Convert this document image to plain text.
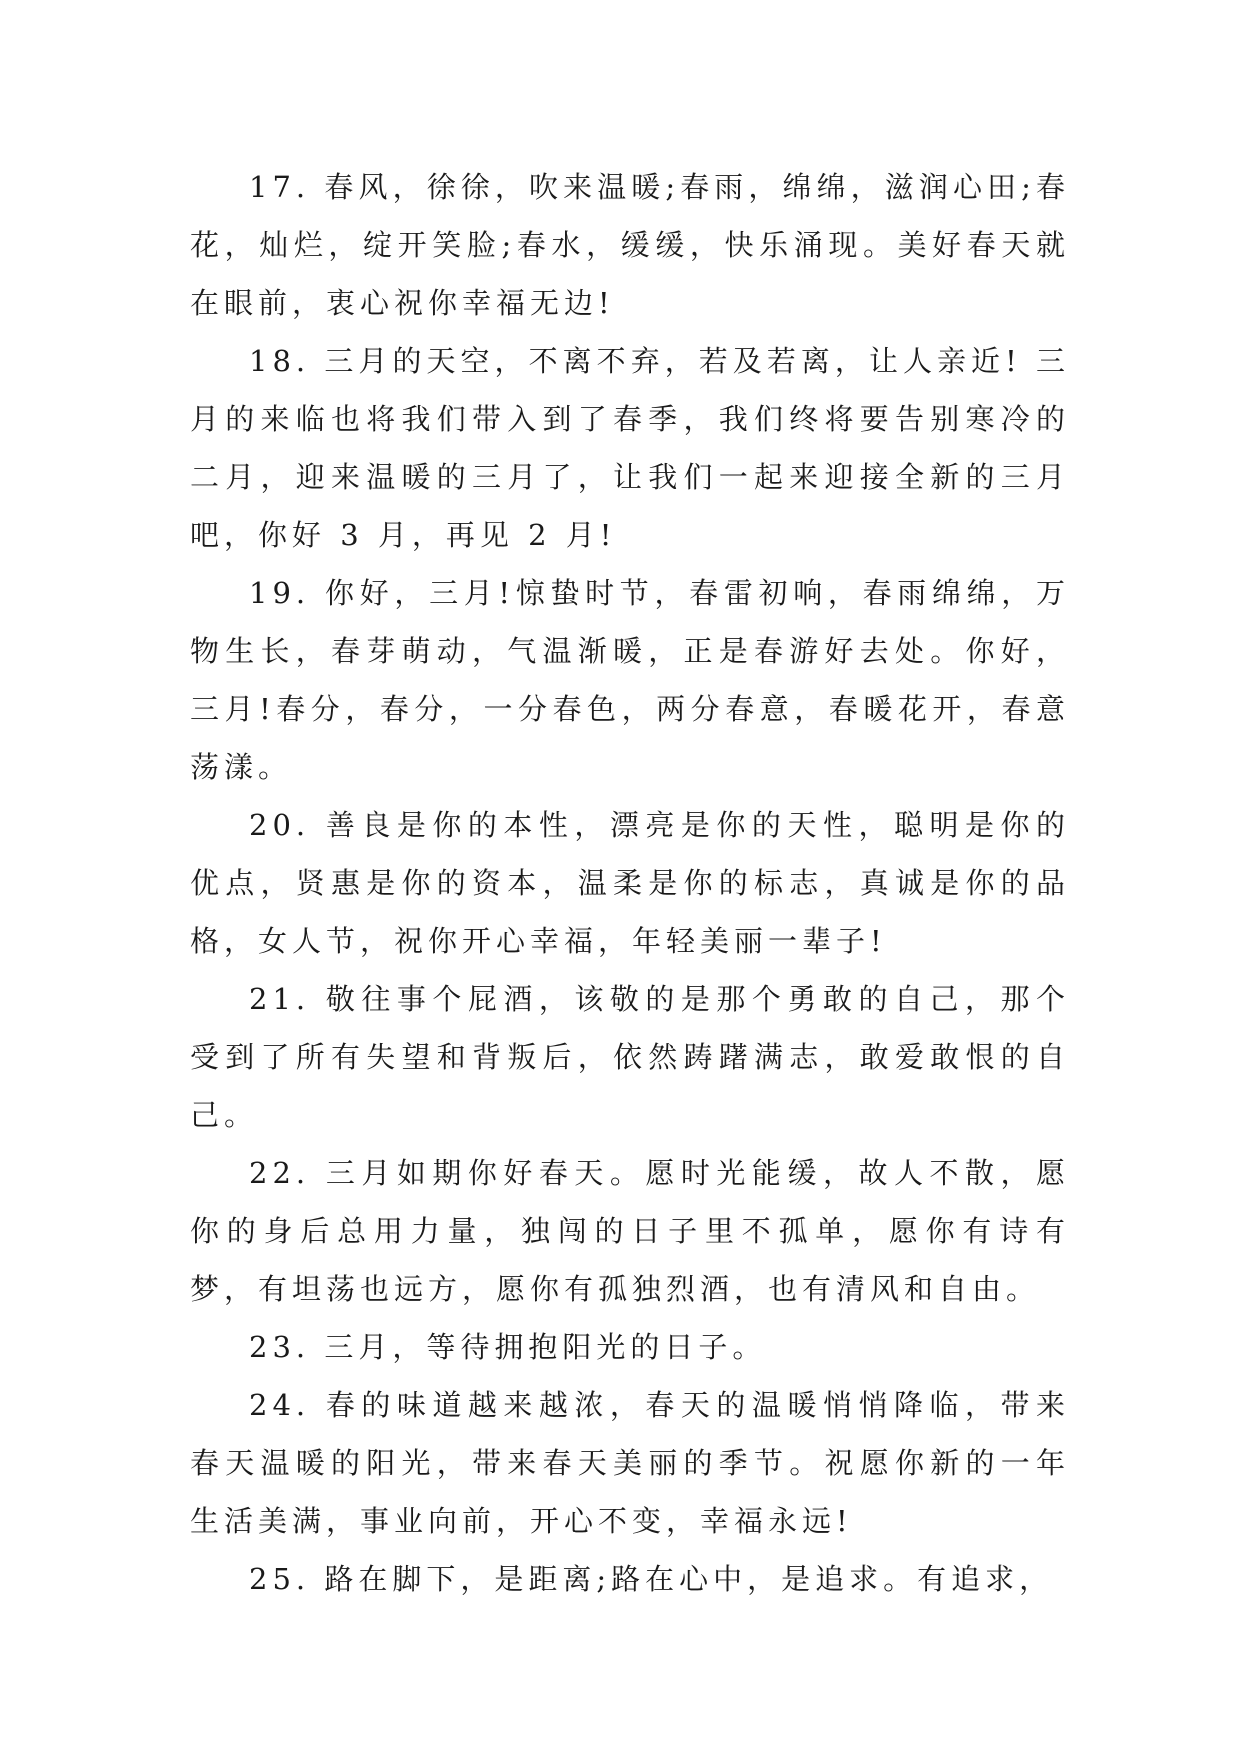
17. 春风，徐徐，吹来温暖;春雨，绵绵，滋润心田;春花，灿烂，绽开笑脸;春水，缓缓，快乐涌现。美好春天就在眼前，衷心祝你幸福无边!

18. 三月的天空，不离不弃，若及若离，让人亲近! 三月的来临也将我们带入到了春季，我们终将要告别寒冷的二月，迎来温暖的三月了，让我们一起来迎接全新的三月吧，你好 3 月，再见 2 月!

19. 你好，三月!惊蛰时节，春雷初响，春雨绵绵，万物生长，春芽萌动，气温渐暖，正是春游好去处。你好，三月!春分，春分，一分春色，两分春意，春暖花开，春意荡漾。

20. 善良是你的本性，漂亮是你的天性，聪明是你的优点，贤惠是你的资本，温柔是你的标志，真诚是你的品格，女人节，祝你开心幸福，年轻美丽一辈子!

21. 敬往事个屁酒，该敬的是那个勇敢的自己，那个受到了所有失望和背叛后，依然踌躇满志，敢爱敢恨的自己。

22. 三月如期你好春天。愿时光能缓，故人不散，愿你的身后总用力量，独闯的日子里不孤单，愿你有诗有梦，有坦荡也远方，愿你有孤独烈酒，也有清风和自由。

23. 三月，等待拥抱阳光的日子。

24. 春的味道越来越浓，春天的温暖悄悄降临，带来春天温暖的阳光，带来春天美丽的季节。祝愿你新的一年生活美满，事业向前，开心不变，幸福永远!

25. 路在脚下，是距离;路在心中，是追求。有追求，
